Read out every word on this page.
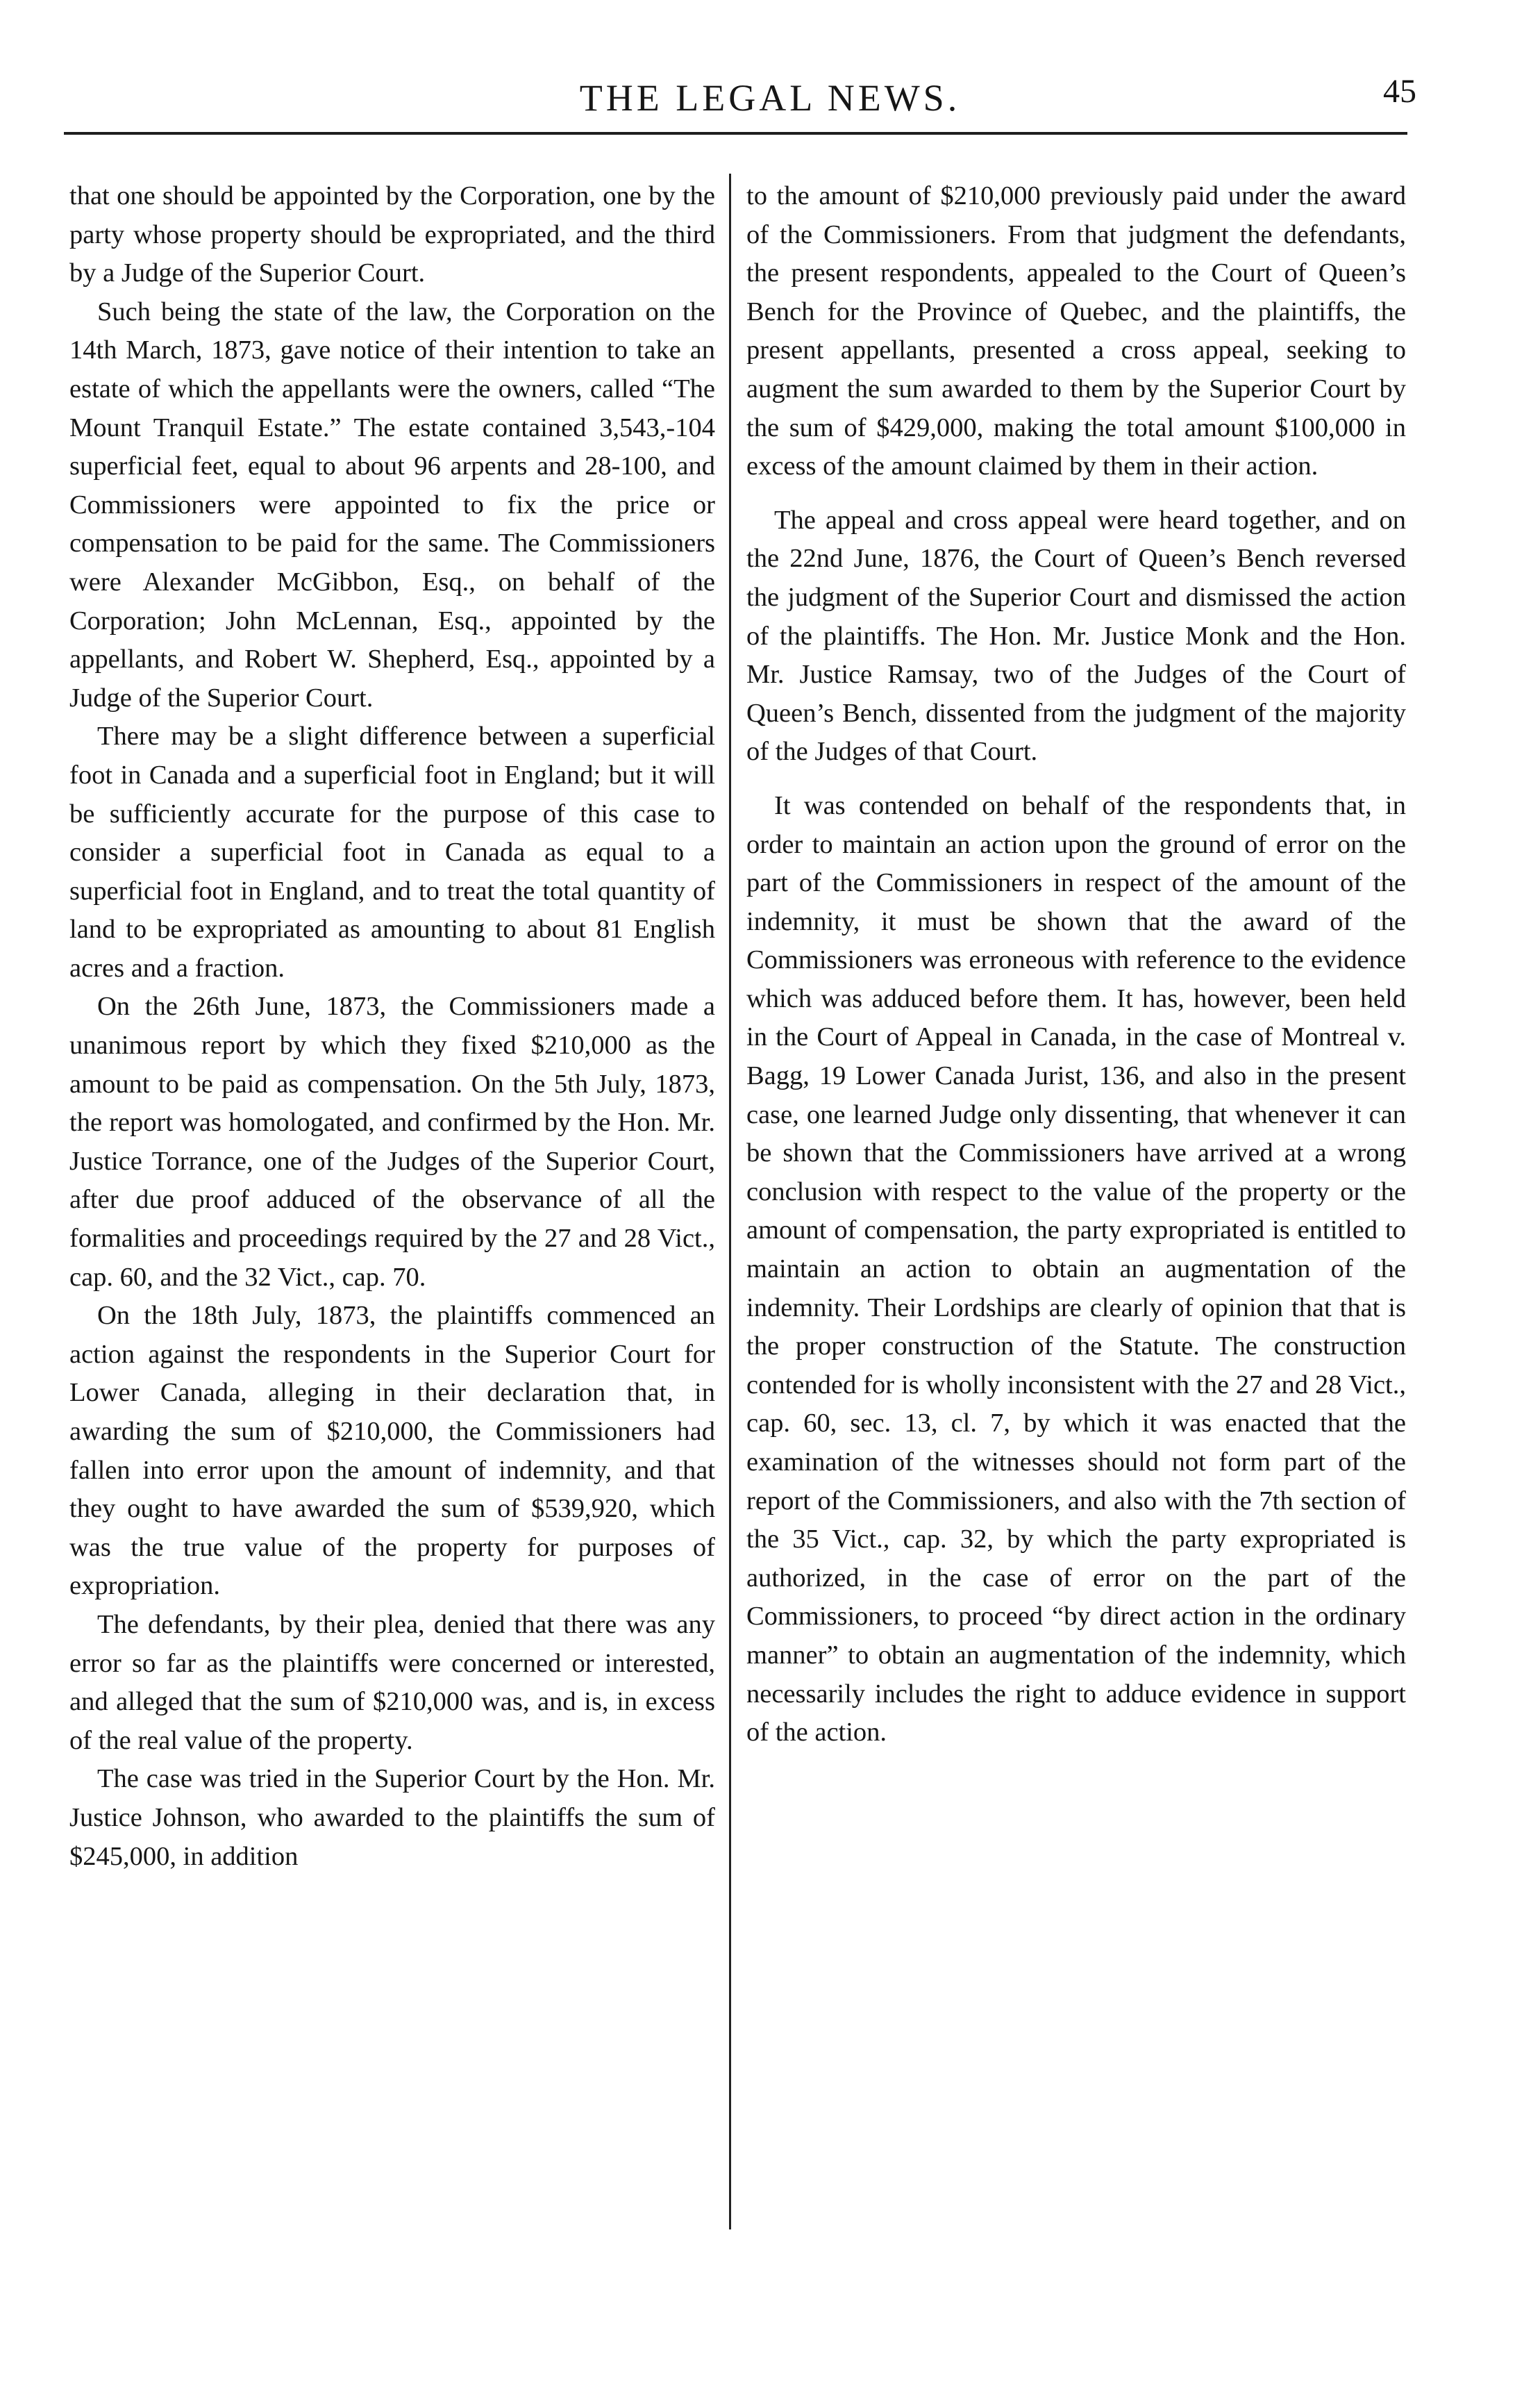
THE LEGAL NEWS.	45

that one should be appointed by the Corporation, one by the party whose property should be expropriated, and the third by a Judge of the Superior Court.

Such being the state of the law, the Corporation on the 14th March, 1873, gave notice of their intention to take an estate of which the appellants were the owners, called “The Mount Tranquil Estate.” The estate contained 3,543,-104 superficial feet, equal to about 96 arpents and 28-100, and Commissioners were appointed to fix the price or compensation to be paid for the same. The Commissioners were Alexander McGibbon, Esq., on behalf of the Corporation; John McLennan, Esq., appointed by the appellants, and Robert W. Shepherd, Esq., appointed by a Judge of the Superior Court.

There may be a slight difference between a superficial foot in Canada and a superficial foot in England; but it will be sufficiently accurate for the purpose of this case to consider a superficial foot in Canada as equal to a superficial foot in England, and to treat the total quantity of land to be expropriated as amounting to about 81 English acres and a fraction.

On the 26th June, 1873, the Commissioners made a unanimous report by which they fixed $210,000 as the amount to be paid as compensation. On the 5th July, 1873, the report was homologated, and confirmed by the Hon. Mr. Justice Torrance, one of the Judges of the Superior Court, after due proof adduced of the observance of all the formalities and proceedings required by the 27 and 28 Vict., cap. 60, and the 32 Vict., cap. 70.

On the 18th July, 1873, the plaintiffs commenced an action against the respondents in the Superior Court for Lower Canada, alleging in their declaration that, in awarding the sum of $210,000, the Commissioners had fallen into error upon the amount of indemnity, and that they ought to have awarded the sum of $539,920, which was the true value of the property for purposes of expropriation.

The defendants, by their plea, denied that there was any error so far as the plaintiffs were concerned or interested, and alleged that the sum of $210,000 was, and is, in excess of the real value of the property.

The case was tried in the Superior Court by the Hon. Mr. Justice Johnson, who awarded to the plaintiffs the sum of $245,000, in addition

to the amount of $210,000 previously paid under the award of the Commissioners. From that judgment the defendants, the present respondents, appealed to the Court of Queen’s Bench for the Province of Quebec, and the plaintiffs, the present appellants, presented a cross appeal, seeking to augment the sum awarded to them by the Superior Court by the sum of $429,000, making the total amount $100,000 in excess of the amount claimed by them in their action.

The appeal and cross appeal were heard together, and on the 22nd June, 1876, the Court of Queen’s Bench reversed the judgment of the Superior Court and dismissed the action of the plaintiffs. The Hon. Mr. Justice Monk and the Hon. Mr. Justice Ramsay, two of the Judges of the Court of Queen’s Bench, dissented from the judgment of the majority of the Judges of that Court.

It was contended on behalf of the respondents that, in order to maintain an action upon the ground of error on the part of the Commissioners in respect of the amount of the indemnity, it must be shown that the award of the Commissioners was erroneous with reference to the evidence which was adduced before them. It has, however, been held in the Court of Appeal in Canada, in the case of Montreal v. Bagg, 19 Lower Canada Jurist, 136, and also in the present case, one learned Judge only dissenting, that whenever it can be shown that the Commissioners have arrived at a wrong conclusion with respect to the value of the property or the amount of compensation, the party expropriated is entitled to maintain an action to obtain an augmentation of the indemnity. Their Lordships are clearly of opinion that that is the proper construction of the Statute. The construction contended for is wholly inconsistent with the 27 and 28 Vict., cap. 60, sec. 13, cl. 7, by which it was enacted that the examination of the witnesses should not form part of the report of the Commissioners, and also with the 7th section of the 35 Vict., cap. 32, by which the party expropriated is authorized, in the case of error on the part of the Commissioners, to proceed “by direct action in the ordinary manner” to obtain an augmentation of the indemnity, which necessarily includes the right to adduce evidence in support of the action.
